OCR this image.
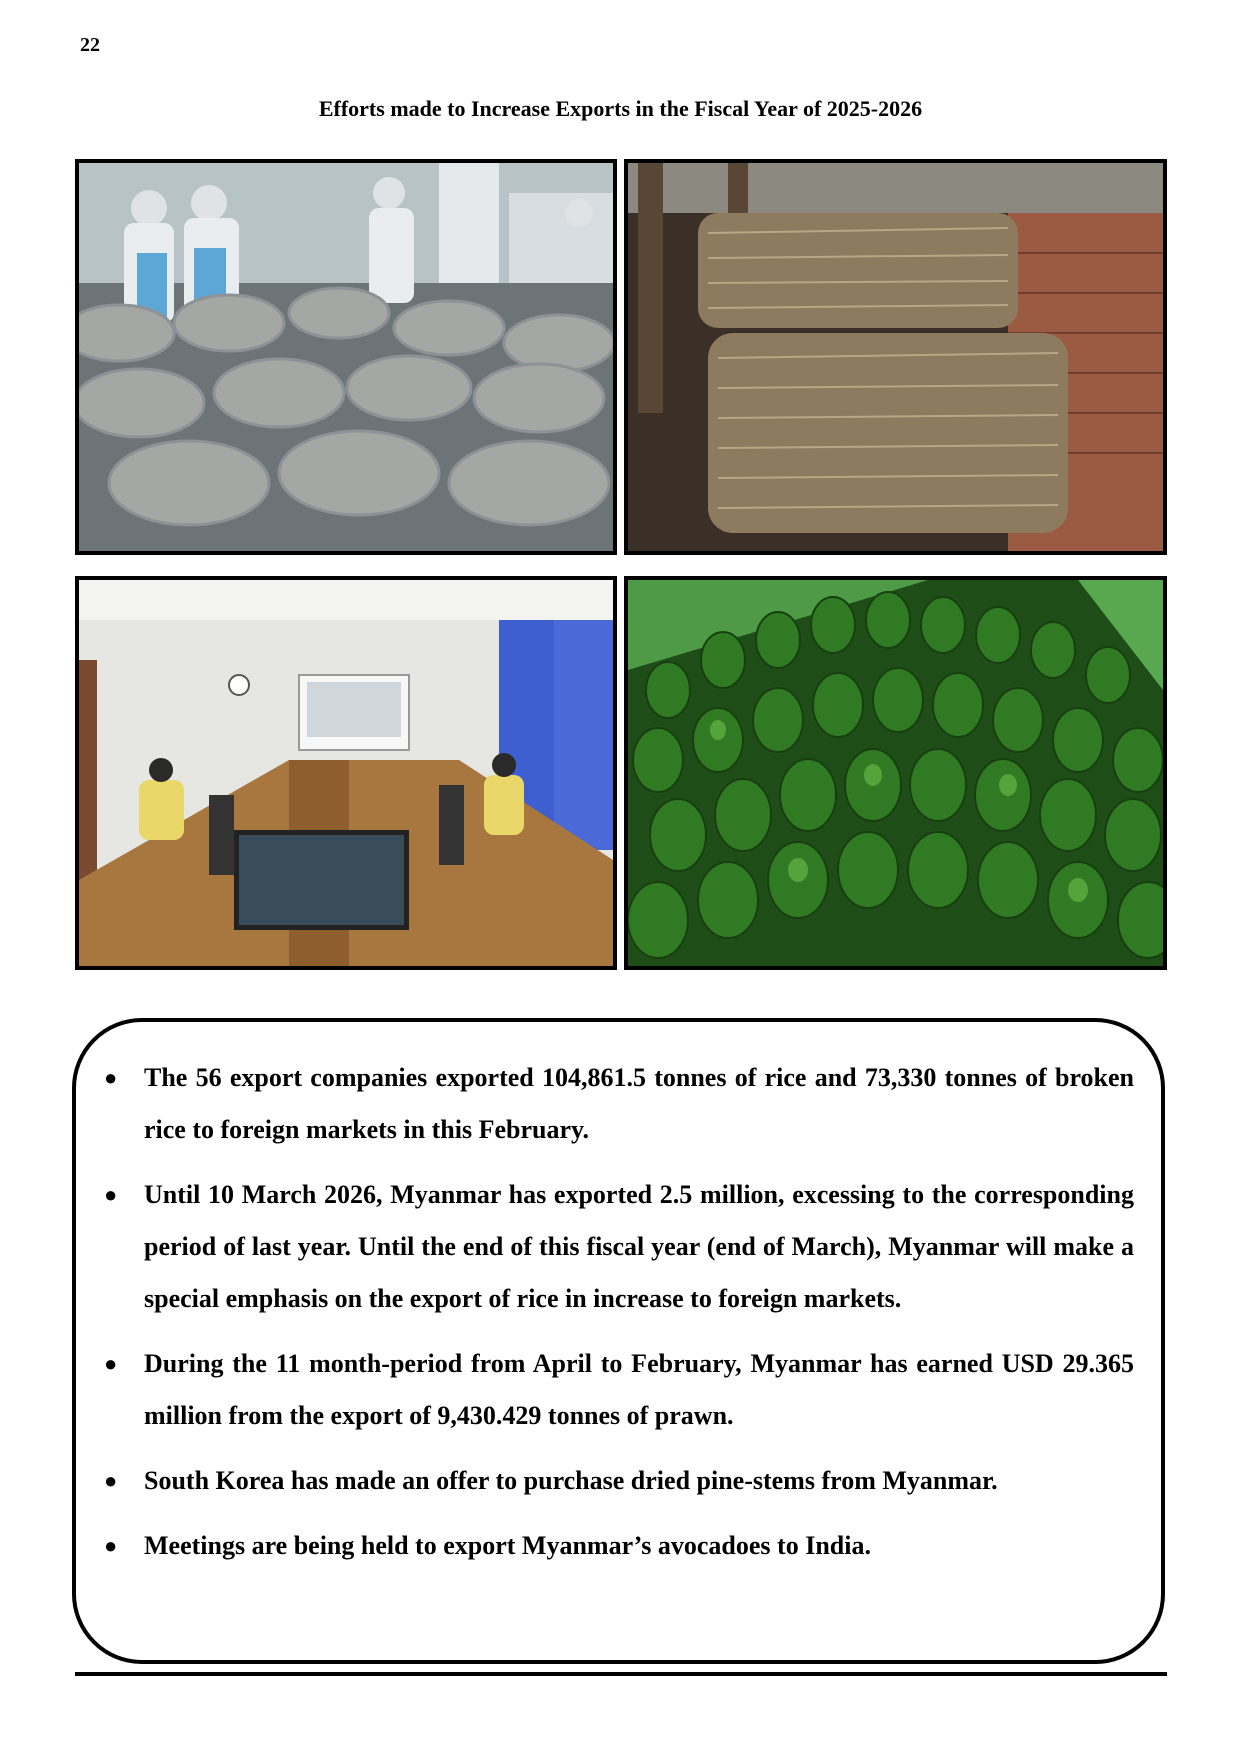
22
Efforts made to Increase Exports in the Fiscal Year of 2025-2026
● The 56 export companies exported 104,861.5 tonnes of rice and 73,330 tonnes of broken rice to foreign markets in this February.
● Until 10 March 2026, Myanmar has exported 2.5 million, excessing to the corresponding period of last year. Until the end of this fiscal year (end of March), Myanmar will make a special emphasis on the export of rice in increase to foreign markets.
● During the 11 month-period from April to February, Myanmar has earned USD 29.365 million from the export of 9,430.429 tonnes of prawn.
● South Korea has made an offer to purchase dried pine-stems from Myanmar.
● Meetings are being held to export Myanmar’s avocadoes to India.
